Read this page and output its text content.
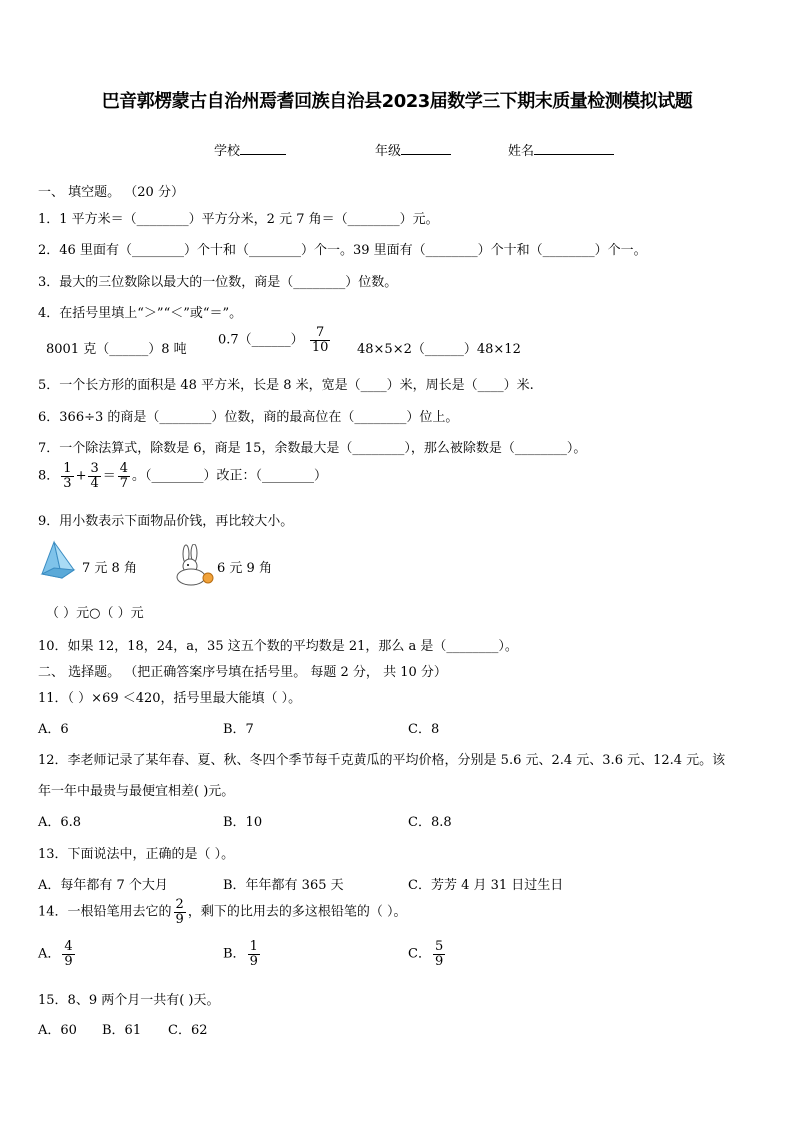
巴音郭楞蒙古自治州焉耆回族自治县2023届数学三下期末质量检测模拟试题
学校	年级	姓名
一、 填空题。 （20 分）
1．1 平方米＝（________）平方分米，2 元 7 角＝（________）元。
2．46 里面有（________）个十和（________）个一。39 里面有（________）个十和（________）个一。
3．最大的三位数除以最大的一位数，商是（________）位数。
4．在括号里填上“＞”“＜”或“＝”。
8001 克（______）8 吨
0.7（______） $\frac{7}{10}$ 48×5×2（______）48×12
5．一个长方形的面积是 48 平方米，长是 8 米，宽是（____）米，周长是（____）米.
6．366÷3 的商是（________）位数，商的最高位在（________）位上。
7．一个除法算式，除数是 6，商是 15，余数最大是（________），那么被除数是（________）。
8． $\frac{1}{3} + \frac{3}{4} = \frac{4}{7}$ 。（________）改正：（________）
9．用小数表示下面物品价钱，再比较大小。
7 元 8 角	6 元 9 角
（ ）元○（ ）元
10．如果 12，18，24，a，35 这五个数的平均数是 21，那么 a 是（________）。
二、 选择题。 （把正确答案序号填在括号里。 每题 2 分， 共 10 分）
11．（ ）×69 ＜420，括号里最大能填（ ）。
A．6	B．7	C．8
12．李老师记录了某年春、夏、秋、冬四个季节每千克黄瓜的平均价格，分别是 5.6 元、2.4 元、3.6 元、12.4 元。该
年一年中最贵与最便宜相差( )元。
A．6.8	B．10	C．8.8
13．下面说法中，正确的是（ ）。
A．每年都有 7 个大月	B．年年都有 365 天	C．芳芳 4 月 31 日过生日
14．一根铅笔用去它的 $\frac{2}{9}$ ，剩下的比用去的多这根铅笔的（ ）。
A． $\frac{4}{9}$	B． $\frac{1}{9}$	C． $\frac{5}{9}$
15．8、9 两个月一共有( )天。
A．60 B．61 C．62
